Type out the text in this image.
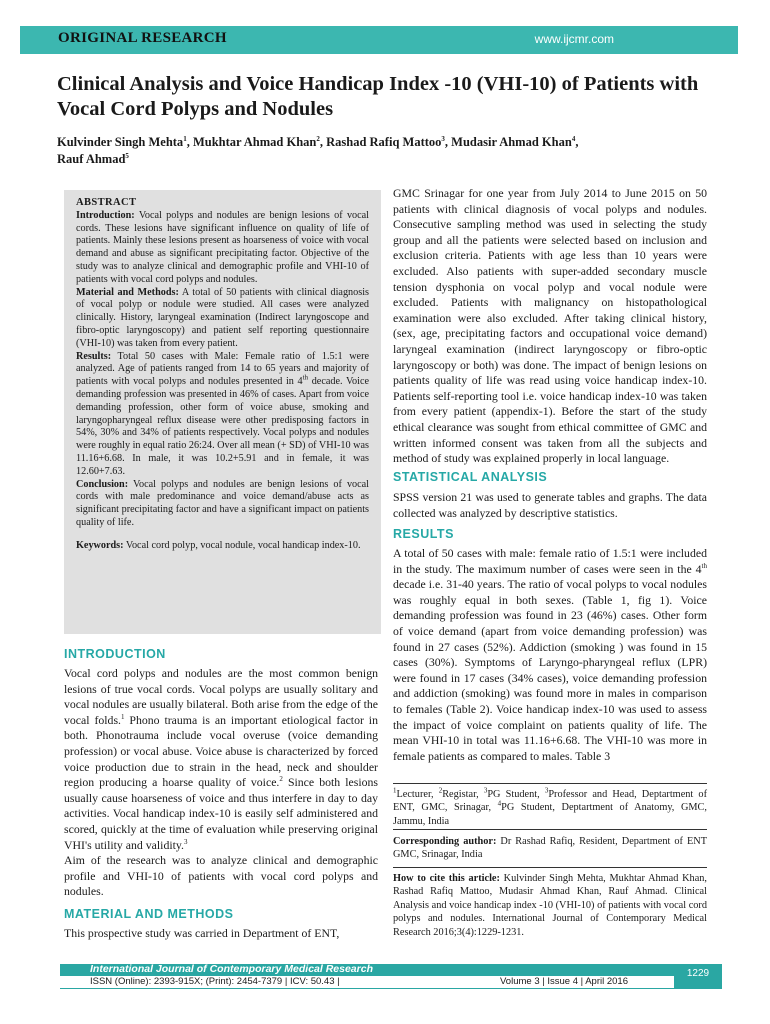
ORIGINAL RESEARCH	www.ijcmr.com
Clinical Analysis and Voice Handicap Index -10 (VHI-10) of Patients with Vocal Cord Polyps and Nodules
Kulvinder Singh Mehta$^1$, Mukhtar Ahmad Khan$^2$, Rashad Rafiq Mattoo$^3$, Mudasir Ahmad Khan$^4$,
Rauf Ahmad$^5$

ABSTRACT

Introduction: Vocal polyps and nodules are benign lesions of vocal cords. These lesions have significant influence on quality of life of patients. Mainly these lesions present as hoarseness of voice with vocal demand and abuse as significant precipitating factor. Objective of the study was to analyze clinical and demographic profile and VHI-10 of patients with vocal cord polyps and nodules.

Material and Methods: A total of 50 patients with clinical diagnosis of vocal polyp or nodule were studied. All cases were analyzed clinically. History, laryngeal examination (Indirect laryngoscope and fibro-optic laryngoscopy) and patient self reporting questionnaire (VHI-10) was taken from every patient.

Results: Total 50 cases with Male: Female ratio of 1.5:1 were analyzed. Age of patients ranged from 14 to 65 years and majority of patients with vocal polyps and nodules presented in 4th decade. Voice demanding profession was presented in 46% of cases. Apart from voice demanding profession, other form of voice abuse, smoking and laryngopharyngeal reflux disease were other predisposing factors in 54%, 30% and 34% of patients respectively. Vocal polyps and nodules were roughly in equal ratio 26:24. Over all mean (+ SD) of VHI-10 was 11.16+6.68. In male, it was 10.2+5.91 and in female, it was 12.60+7.63.

Conclusion: Vocal polyps and nodules are benign lesions of vocal cords with male predominance and voice demand/abuse acts as significant precipitating factor and have a significant impact on patients quality of life.

Keywords: Vocal cord polyp, vocal nodule, vocal handicap index-10.

INTRODUCTION

Vocal cord polyps and nodules are the most common benign lesions of true vocal cords. Vocal polyps are usually solitary and vocal nodules are usually bilateral. Both arise from the edge of the vocal folds.$^1$ Phono trauma is an important etiological factor in both. Phonotrauma include vocal overuse (voice demanding profession) or vocal abuse. Voice abuse is characterized by forced voice production due to strain in the head, neck and shoulder region producing a hoarse quality of voice.$^2$ Since both lesions usually cause hoarseness of voice and thus interfere in day to day activities. Vocal handicap index-10 is easily self administered and scored, quickly at the time of evaluation while preserving original VHI's utility and validity.$^3$

Aim of the research was to analyze clinical and demographic profile and VHI-10 of patients with vocal cord polyps and nodules.

MATERIAL AND METHODS
This prospective study was carried in Department of ENT,
GMC Srinagar for one year from July 2014 to June 2015 on 50 patients with clinical diagnosis of vocal polyps and nodules. Consecutive sampling method was used in selecting the study group and all the patients were selected based on inclusion and exclusion criteria. Patients with age less than 10 years were excluded. Also patients with super-added secondary muscle tension dysphonia on vocal polyp and vocal nodule were excluded. Patients with malignancy on histopathological examination were also excluded. After taking clinical history, (sex, age, precipitating factors and occupational voice demand) laryngeal examination (indirect laryngoscopy or fibro-optic laryngoscopy or both) was done. The impact of benign lesions on patients quality of life was read using voice handicap index-10. Patients self-reporting tool i.e. voice handicap index-10 was taken from every patient (appendix-1). Before the start of the study ethical clearance was sought from ethical committee of GMC and written informed consent was taken from all the subjects and method of study was explained properly in local language.
STATISTICAL ANALYSIS
SPSS version 21 was used to generate tables and graphs. The data collected was analyzed by descriptive statistics.
RESULTS
A total of 50 cases with male: female ratio of 1.5:1 were included in the study. The maximum number of cases were seen in the 4th decade i.e. 31-40 years. The ratio of vocal polyps to vocal nodules was roughly equal in both sexes. (Table 1, fig 1). Voice demanding profession was found in 23 (46%) cases. Other form of voice demand (apart from voice demanding profession) was found in 27 cases (52%). Addiction (smoking ) was found in 15 cases (30%). Symptoms of Laryngo-pharyngeal reflux (LPR) were found in 17 cases (34% cases), voice demanding profession and addiction (smoking) was found more in males in comparison to females (Table 2). Voice handicap index-10 was used to assess the impact of voice complaint on patients quality of life. The mean VHI-10 in total was 11.16+6.68. The VHI-10 was more in female patients as compared to males. Table 3

$^1$Lecturer, $^2$Registar, $^3$PG Student, $^3$Professor and Head, Deptartment of ENT, GMC, Srinagar, $^4$PG Student, Deptartment of Anatomy, GMC, Jammu, India

Corresponding author: Dr Rashad Rafiq, Resident, Department of ENT GMC, Srinagar, India

How to cite this article: Kulvinder Singh Mehta, Mukhtar Ahmad Khan, Rashad Rafiq Mattoo, Mudasir Ahmad Khan, Rauf Ahmad. Clinical Analysis and voice handicap index -10 (VHI-10) of patients with vocal cord polyps and nodules. International Journal of Contemporary Medical Research 2016;3(4):1229-1231.

International Journal of Contemporary Medical Research
ISSN (Online): 2393-915X; (Print): 2454-7379 | ICV: 50.43 |	Volume 3 | Issue 4 | April 2016
1229
